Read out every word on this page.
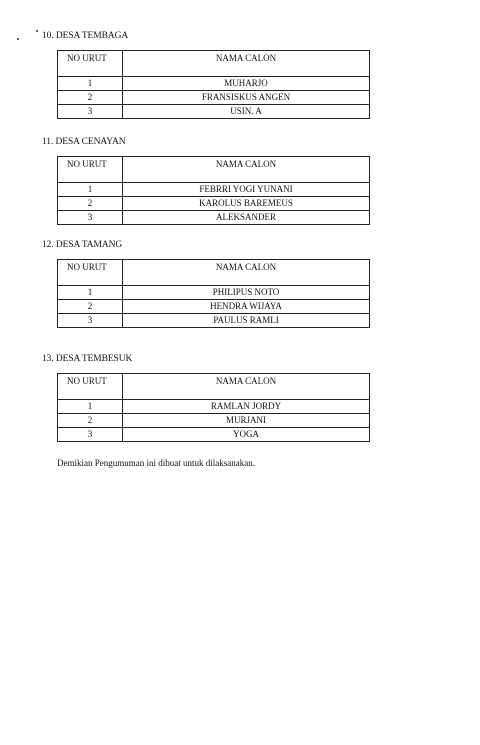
10. DESA TEMBAGA
NO URUT	NAMA CALON
1	MUHARJO
2	FRANSISKUS ANGEN
3	USIN. A
11. DESA CENAYAN
NO URUT	NAMA CALON
1	FEBRRI YOGI YUNANI
2	KAROLUS BAREMEUS
3	ALEKSANDER
12. DESA TAMANG
NO URUT	NAMA CALON
1	PHILIPUS NOTO
2	HENDRA WIJAYA
3	PAULUS RAMLI
13. DESA TEMBESUK
NO URUT	NAMA CALON
1	RAMLAN JORDY
2	MURJANI
3	YOGA
Demikian Pengumuman ini dibuat untuk dilaksanakan.
